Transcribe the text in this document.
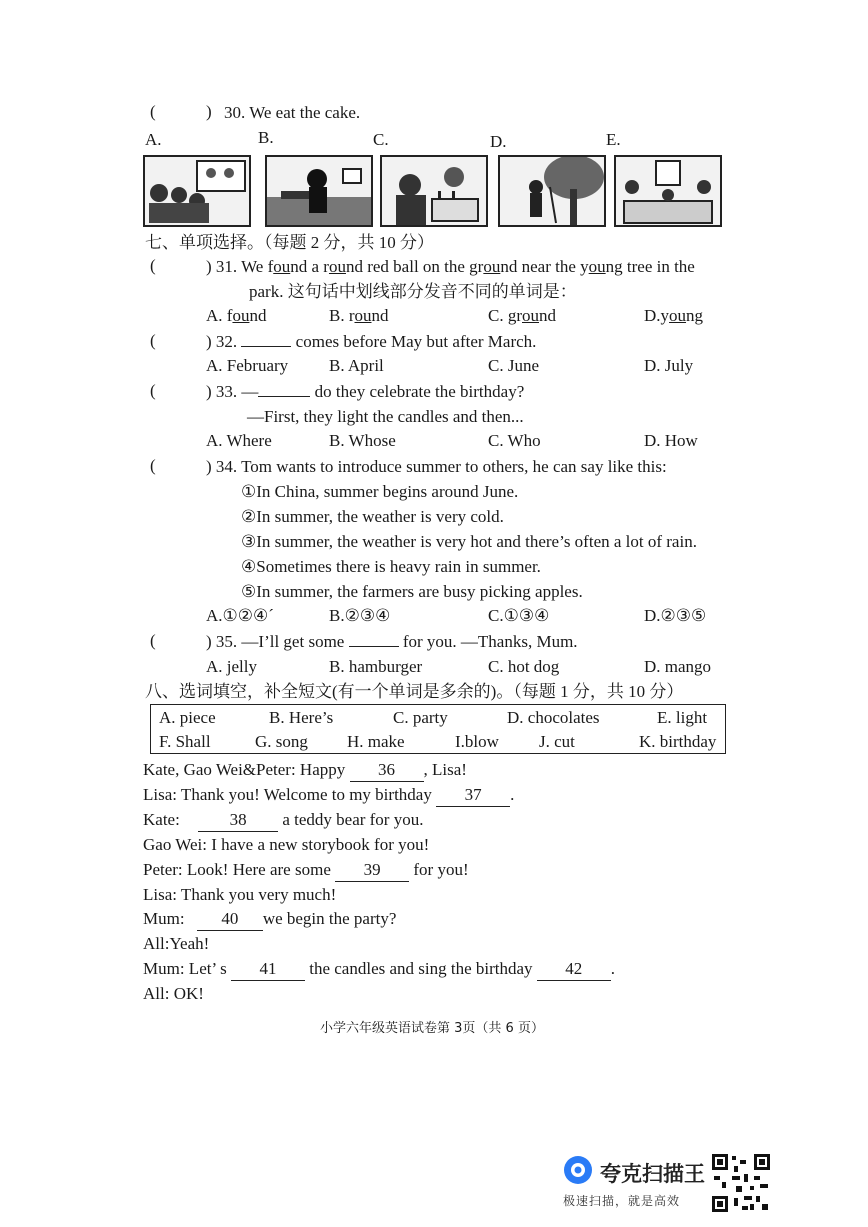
(	) 30. We eat the cake.
A.	B.	C.	D.	E.
七、单项选择。（每题 2 分，共 10 分）
(	) 31. We found a round red ball on the ground near the young tree in the
park. 这句话中划线部分发音不同的单词是：
A. found	B. round	C. ground	D.young
(	) 32.	comes before May but after March.
A. February B. April	C. June	D. July
(	) 33. —	do they celebrate the birthday?
—First, they light the candles and then...
A. Where	B. Whose	C. Who	D. How
(	) 34. Tom wants to introduce summer to others, he can say like this:
①In China, summer begins around June.
②In summer, the weather is very cold.
③In summer, the weather is very hot and there’s often a lot of rain.
④Sometimes there is heavy rain in summer.
⑤In summer, the farmers are busy picking apples.
A.①②④ˊ	B.②③④	C.①③④	D.②③⑤
(	) 35. —I’ll get some	for you. —Thanks, Mum.
A. jelly	B. hamburger	C. hot dog	D. mango
八、选词填空，补全短文(有一个单词是多余的)。（每题 1 分，共 10 分）
A. piece	B. Here’s	C. party	D. chocolates	E. light
F. Shall	G. song H. make	I.blow J. cut	K. birthday
Kate, Gao Wei&Peter: Happy 36 , Lisa!
Lisa: Thank you! Welcome to my birthday 37 .
Kate:	38 a teddy bear for you.
Gao Wei: I have a new storybook for you!
Peter: Look! Here are some 39 for you!
Lisa: Thank you very much!
Mum: 40 we begin the party?
All:Yeah!
Mum: Let’ s 41 the candles and sing the birthday 42 .
All: OK!
小学六年级英语试卷第 3页（共 6 页）
夸克扫描王
极速扫描，就是高效
